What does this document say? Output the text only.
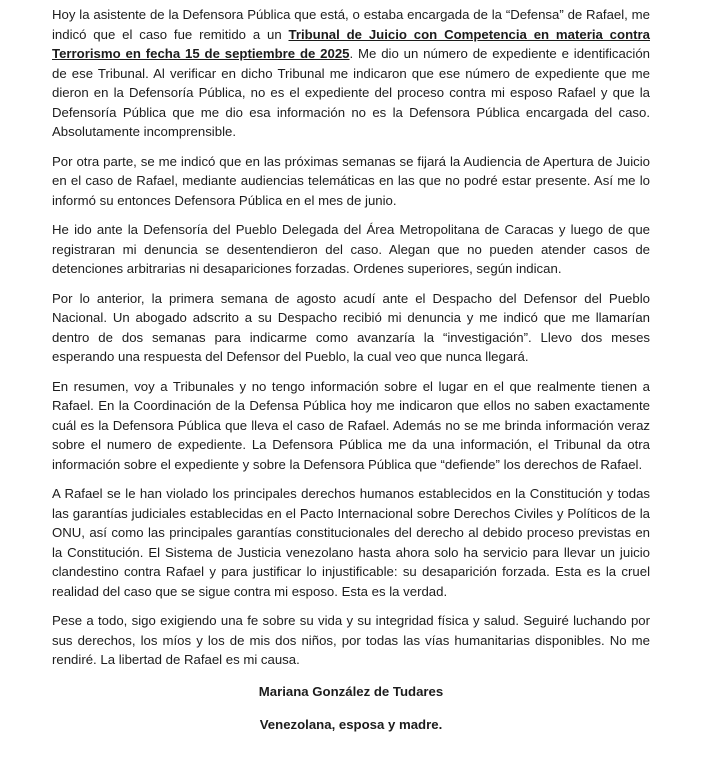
Hoy la asistente de la Defensora Pública que está, o estaba encargada de la “Defensa” de Rafael, me indicó que el caso fue remitido a un Tribunal de Juicio con Competencia en materia contra Terrorismo en fecha 15 de septiembre de 2025. Me dio un número de expediente e identificación de ese Tribunal. Al verificar en dicho Tribunal me indicaron que ese número de expediente que me dieron en la Defensoría Pública, no es el expediente del proceso contra mi esposo Rafael y que la Defensoría Pública que me dio esa información no es la Defensora Pública encargada del caso. Absolutamente incomprensible.

Por otra parte, se me indicó que en las próximas semanas se fijará la Audiencia de Apertura de Juicio en el caso de Rafael, mediante audiencias telemáticas en las que no podré estar presente. Así me lo informó su entonces Defensora Pública en el mes de junio.

He ido ante la Defensoría del Pueblo Delegada del Área Metropolitana de Caracas y luego de que registraran mi denuncia se desentendieron del caso. Alegan que no pueden atender casos de detenciones arbitrarias ni desapariciones forzadas. Ordenes superiores, según indican.

Por lo anterior, la primera semana de agosto acudí ante el Despacho del Defensor del Pueblo Nacional. Un abogado adscrito a su Despacho recibió mi denuncia y me indicó que me llamarían dentro de dos semanas para indicarme como avanzaría la “investigación”. Llevo dos meses esperando una respuesta del Defensor del Pueblo, la cual veo que nunca llegará.

En resumen, voy a Tribunales y no tengo información sobre el lugar en el que realmente tienen a Rafael. En la Coordinación de la Defensa Pública hoy me indicaron que ellos no saben exactamente cuál es la Defensora Pública que lleva el caso de Rafael. Además no se me brinda información veraz sobre el numero de expediente. La Defensora Pública me da una información, el Tribunal da otra información sobre el expediente y sobre la Defensora Pública que “defiende” los derechos de Rafael.

A Rafael se le han violado los principales derechos humanos establecidos en la Constitución y todas las garantías judiciales establecidas en el Pacto Internacional sobre Derechos Civiles y Políticos de la ONU, así como las principales garantías constitucionales del derecho al debido proceso previstas en la Constitución. El Sistema de Justicia venezolano hasta ahora solo ha servicio para llevar un juicio clandestino contra Rafael y para justificar lo injustificable: su desaparición forzada. Esta es la cruel realidad del caso que se sigue contra mi esposo. Esta es la verdad.

Pese a todo, sigo exigiendo una fe sobre su vida y su integridad física y salud. Seguiré luchando por sus derechos, los míos y los de mis dos niños, por todas las vías humanitarias disponibles. No me rendiré. La libertad de Rafael es mi causa.

Mariana González de Tudares

Venezolana, esposa y madre.
